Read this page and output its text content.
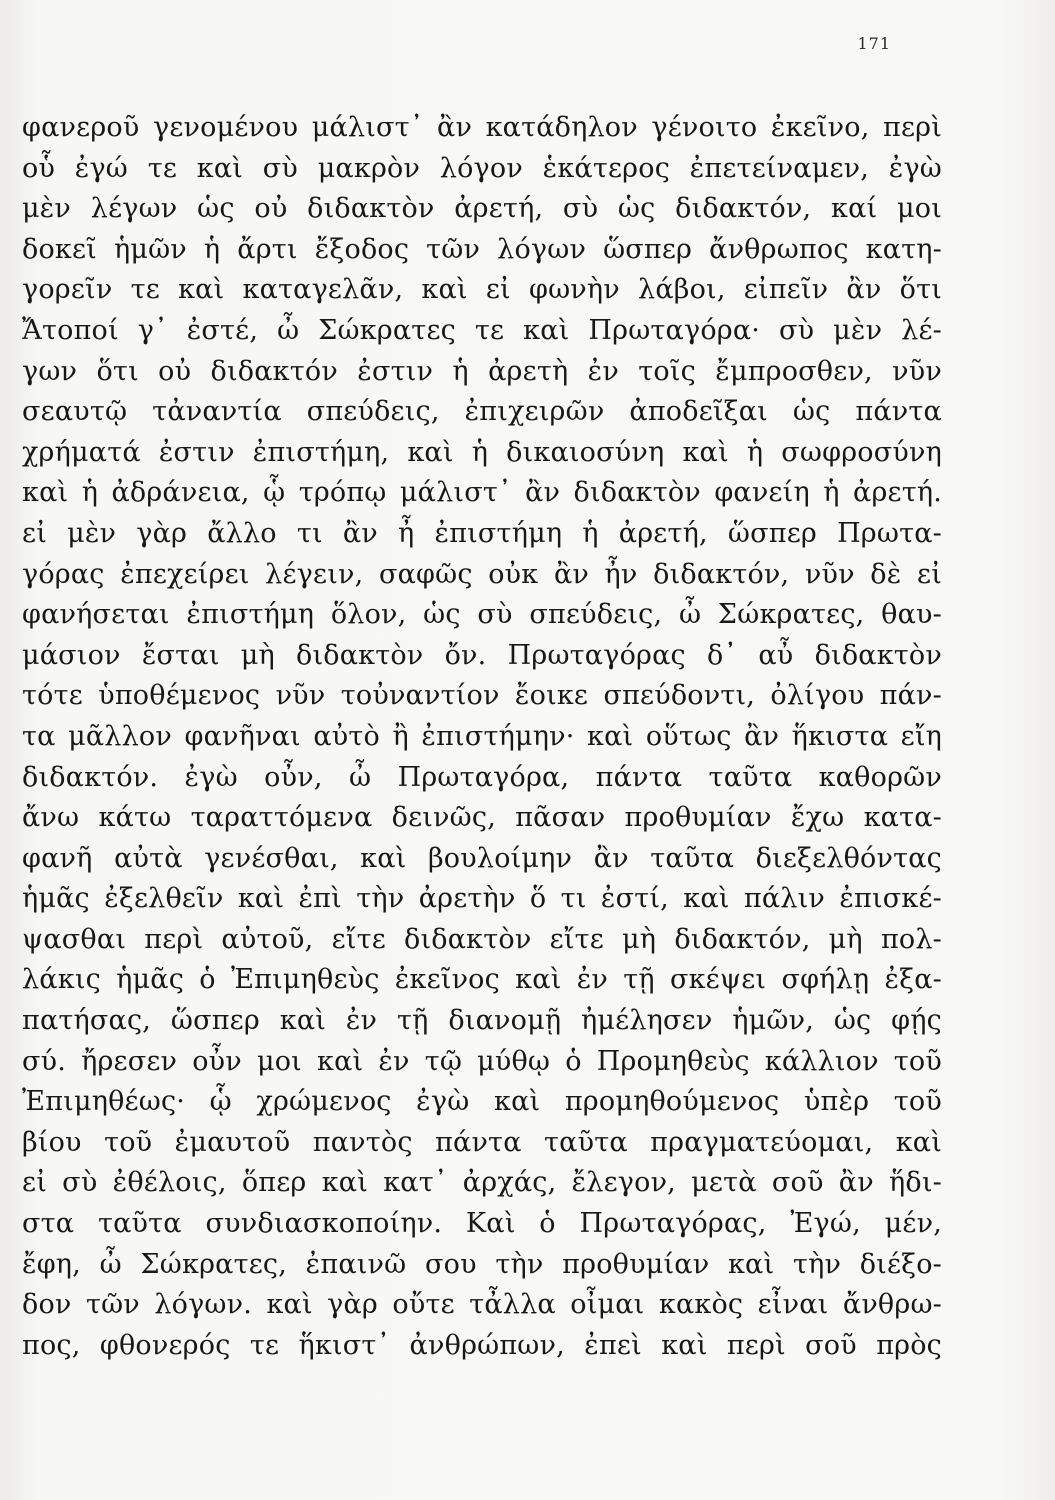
171
φανεροῦ γενομένου μάλιστ᾽ ἂν κατάδηλον γένοιτο ἐκεῖνο, περὶ
οὗ ἐγώ τε καὶ σὺ μακρὸν λόγον ἑκάτερος ἐπετείναμεν, ἐγὼ
μὲν λέγων ὡς οὐ διδακτὸν ἀρετή, σὺ ὡς διδακτόν, καί μοι
δοκεῖ ἡμῶν ἡ ἄρτι ἔξοδος τῶν λόγων ὥσπερ ἄνθρωπος κατη-
γορεῖν τε καὶ καταγελᾶν, καὶ εἰ φωνὴν λάβοι, εἰπεῖν ἂν ὅτι
Ἄτοποί γ᾽ ἐστέ, ὦ Σώκρατες τε καὶ Πρωταγόρα· σὺ μὲν λέ-
γων ὅτι οὐ διδακτόν ἐστιν ἡ ἀρετὴ ἐν τοῖς ἔμπροσθεν, νῦν
σεαυτῷ τἀναντία σπεύδεις, ἐπιχειρῶν ἀποδεῖξαι ὡς πάντα
χρήματά ἐστιν ἐπιστήμη, καὶ ἡ δικαιοσύνη καὶ ἡ σωφροσύνη
καὶ ἡ ἀδράνεια, ᾧ τρόπῳ μάλιστ᾽ ἂν διδακτὸν φανείη ἡ ἀρετή.
εἰ μὲν γὰρ ἄλλο τι ἂν ἦ ἐπιστήμη ἡ ἀρετή, ὥσπερ Πρωτα-
γόρας ἐπεχείρει λέγειν, σαφῶς οὐκ ἂν ἦν διδακτόν, νῦν δὲ εἰ
φανήσεται ἐπιστήμη ὅλον, ὡς σὺ σπεύδεις, ὦ Σώκρατες, θαυ-
μάσιον ἔσται μὴ διδακτὸν ὄν. Πρωταγόρας δ᾽ αὖ διδακτὸν
τότε ὑποθέμενος νῦν τοὐναντίον ἔοικε σπεύδοντι, ὀλίγου πάν-
τα μᾶλλον φανῆναι αὐτὸ ἢ ἐπιστήμην· καὶ οὕτως ἂν ἥκιστα εἴη
διδακτόν. ἐγὼ οὖν, ὦ Πρωταγόρα, πάντα ταῦτα καθορῶν
ἄνω κάτω ταραττόμενα δεινῶς, πᾶσαν προθυμίαν ἔχω κατα-
φανῆ αὐτὰ γενέσθαι, καὶ βουλοίμην ἂν ταῦτα διεξελθόντας
ἡμᾶς ἐξελθεῖν καὶ ἐπὶ τὴν ἀρετὴν ὅ τι ἐστί, καὶ πάλιν ἐπισκέ-
ψασθαι περὶ αὐτοῦ, εἴτε διδακτὸν εἴτε μὴ διδακτόν, μὴ πολ-
λάκις ἡμᾶς ὁ Ἐπιμηθεὺς ἐκεῖνος καὶ ἐν τῇ σκέψει σφήλῃ ἐξα-
πατήσας, ὥσπερ καὶ ἐν τῇ διανομῇ ἠμέλησεν ἡμῶν, ὡς φῄς
σύ. ἤρεσεν οὖν μοι καὶ ἐν τῷ μύθῳ ὁ Προμηθεὺς κάλλιον τοῦ
Ἐπιμηθέως· ᾧ χρώμενος ἐγὼ καὶ προμηθούμενος ὑπὲρ τοῦ
βίου τοῦ ἐμαυτοῦ παντὸς πάντα ταῦτα πραγματεύομαι, καὶ
εἰ σὺ ἐθέλοις, ὅπερ καὶ κατ᾽ ἀρχάς, ἔλεγον, μετὰ σοῦ ἂν ἥδι-
στα ταῦτα συνδιασκοποίην. Καὶ ὁ Πρωταγόρας, Ἐγώ, μέν,
ἔφη, ὦ Σώκρατες, ἐπαινῶ σου τὴν προθυμίαν καὶ τὴν διέξο-
δον τῶν λόγων. καὶ γὰρ οὔτε τἆλλα οἶμαι κακὸς εἶναι ἄνθρω-
πος, φθονερός τε ἥκιστ᾽ ἀνθρώπων, ἐπεὶ καὶ περὶ σοῦ πρὸς
